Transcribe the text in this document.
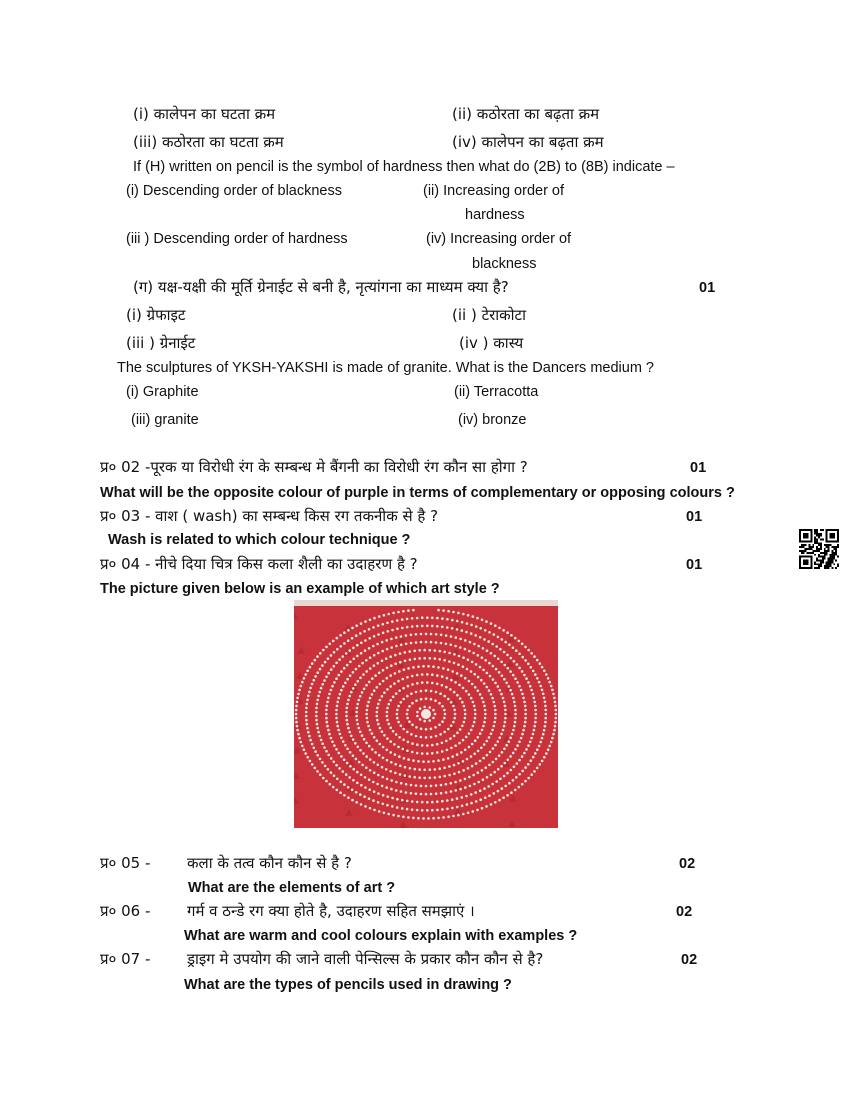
(i) कालेपन का घटता क्रम	(ii) कठोरता का बढ़ता क्रम
(iii) कठोरता का घटता क्रम	(iv) कालेपन का बढ़ता क्रम
If (H) written on pencil is the symbol of hardness then what do (2B) to (8B) indicate –
(i) Descending order of blackness	(ii) Increasing order of
hardness
(iii ) Descending order of hardness	(iv) Increasing order of
blackness
(ग) यक्ष-यक्षी की मूर्ति ग्रेनाईट से बनी है, नृत्यांगना का माध्यम क्या है?	01
(i) ग्रेफाइट	(ii ) टेराकोटा
(iii ) ग्रेनाईट	(iv ) कास्य
The sculptures of YKSH-YAKSHI is made of granite. What is the Dancers medium ?
(i) Graphite	(ii) Terracotta
(iii) granite	(iv) bronze
प्र० 02 -पूरक या विरोधी रंग के सम्बन्ध मे बैंगनी का विरोधी रंग कौन सा होगा ?	01
What will be the opposite colour of purple in terms of complementary or opposing colours ?
प्र० 03 - वाश ( wash) का सम्बन्ध किस रग तकनीक से है ?	01
Wash is related to which colour technique ?
प्र० 04 - नीचे दिया चित्र किस कला शैली का उदाहरण है ?	01
The picture given below is an example of which art style ?
प्र० 05 - कला के तत्व कौन कौन से है ?	02
What are the elements of art ?
प्र० 06 - गर्म व ठन्डे रग क्या होते है, उदाहरण सहित समझाएं ।	02
What are warm and cool colours explain with examples ?
प्र० 07 - ड्राइग मे उपयोग की जाने वाली पेन्सिल्स के प्रकार कौन कौन से है?	02
What are the types of pencils used in drawing ?
